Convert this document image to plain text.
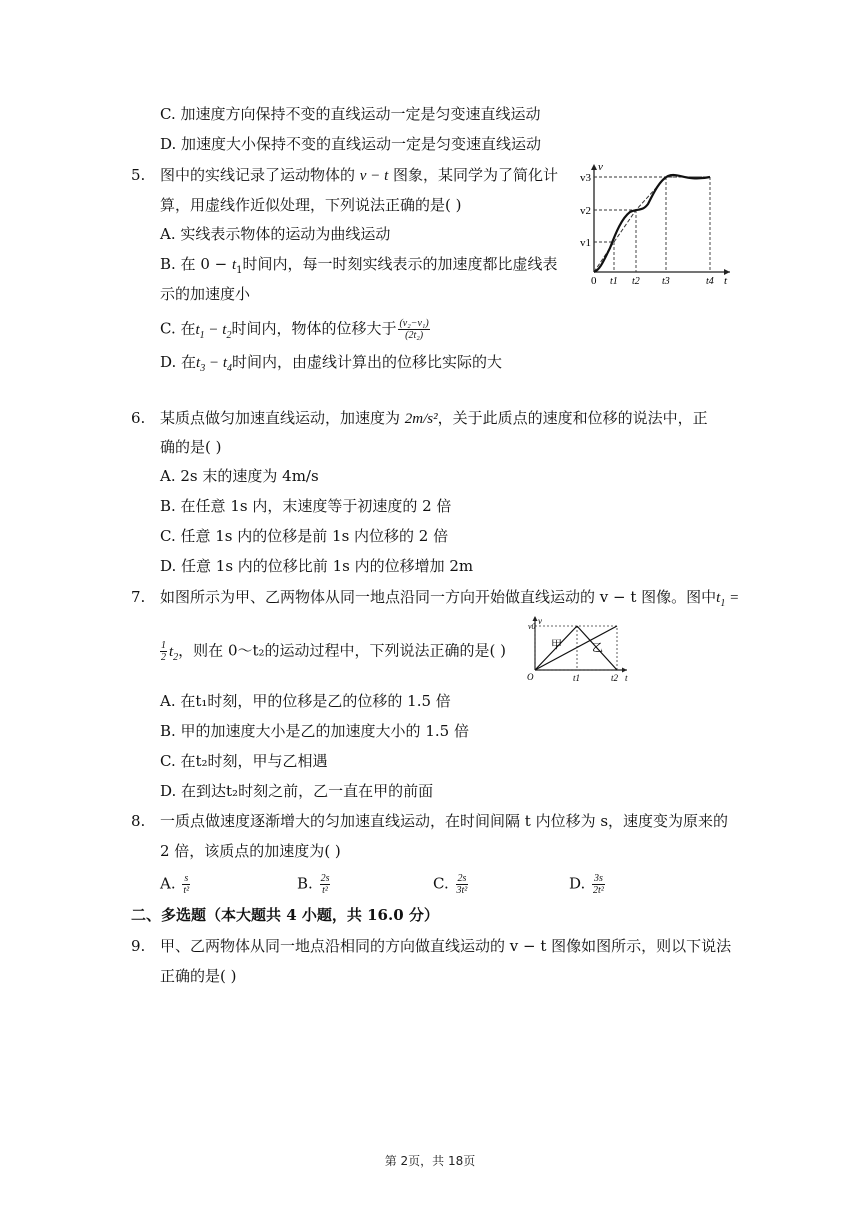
C. 加速度方向保持不变的直线运动一定是匀变速直线运动
D. 加速度大小保持不变的直线运动一定是匀变速直线运动
5. 图中的实线记录了运动物体的 v − t 图象，某同学为了简化计
算，用虚线作近似处理，下列说法正确的是( )
A. 实线表示物体的运动为曲线运动
B. 在 $0 - t_1$时间内，每一时刻实线表示的加速度都比虚线表
示的加速度小
C. 在$t_1 - t_2$时间内，物体的位移大于 $\frac{\text{(v₂−v₁)}}{\text{(2t₂)}}$
D. 在$t_3 - t_4$时间内，由虚线计算出的位移比实际的大
v3
v2
v1
v
t
0 t1 t2 t3	t4
6. 某质点做匀加速直线运动，加速度为 2m/s²，关于此质点的速度和位移的说法中，正
确的是( )
A. 2s 末的速度为 4m/s
B. 在任意 1s 内，末速度等于初速度的 2 倍
C. 任意 1s 内的位移是前 1s 内位移的 2 倍
D. 任意 1s 内的位移比前 1s 内的位移增加 2m
7. 如图所示为甲、乙两物体从同一地点沿同一方向开始做直线运动的 v − t 图像。图中$t_1$ =
$\frac{1}{2} t_2$，则在 0～t₂的运动过程中，下列说法正确的是( )
v
v0
甲	乙
O	t1	t2 t
A. 在t₁时刻，甲的位移是乙的位移的 1.5 倍
B. 甲的加速度大小是乙的加速度大小的 1.5 倍
C. 在t₂时刻，甲与乙相遇
D. 在到达t₂时刻之前，乙一直在甲的前面
8. 一质点做速度逐渐增大的匀加速直线运动，在时间间隔 t 内位移为 s，速度变为原来的
2 倍，该质点的加速度为( )
A. $\frac{s}{\text{t²}}$	B. $\frac{2s}{\text{t²}}$	C. $\frac{2s}{\text{3t²}}$	D. $\frac{3s}{\text{2t²}}$
二、多选题（本大题共 4 小题，共 16.0 分）
9. 甲、乙两物体从同一地点沿相同的方向做直线运动的 v − t 图像如图所示，则以下说法
正确的是( )
第 2页，共 18页
